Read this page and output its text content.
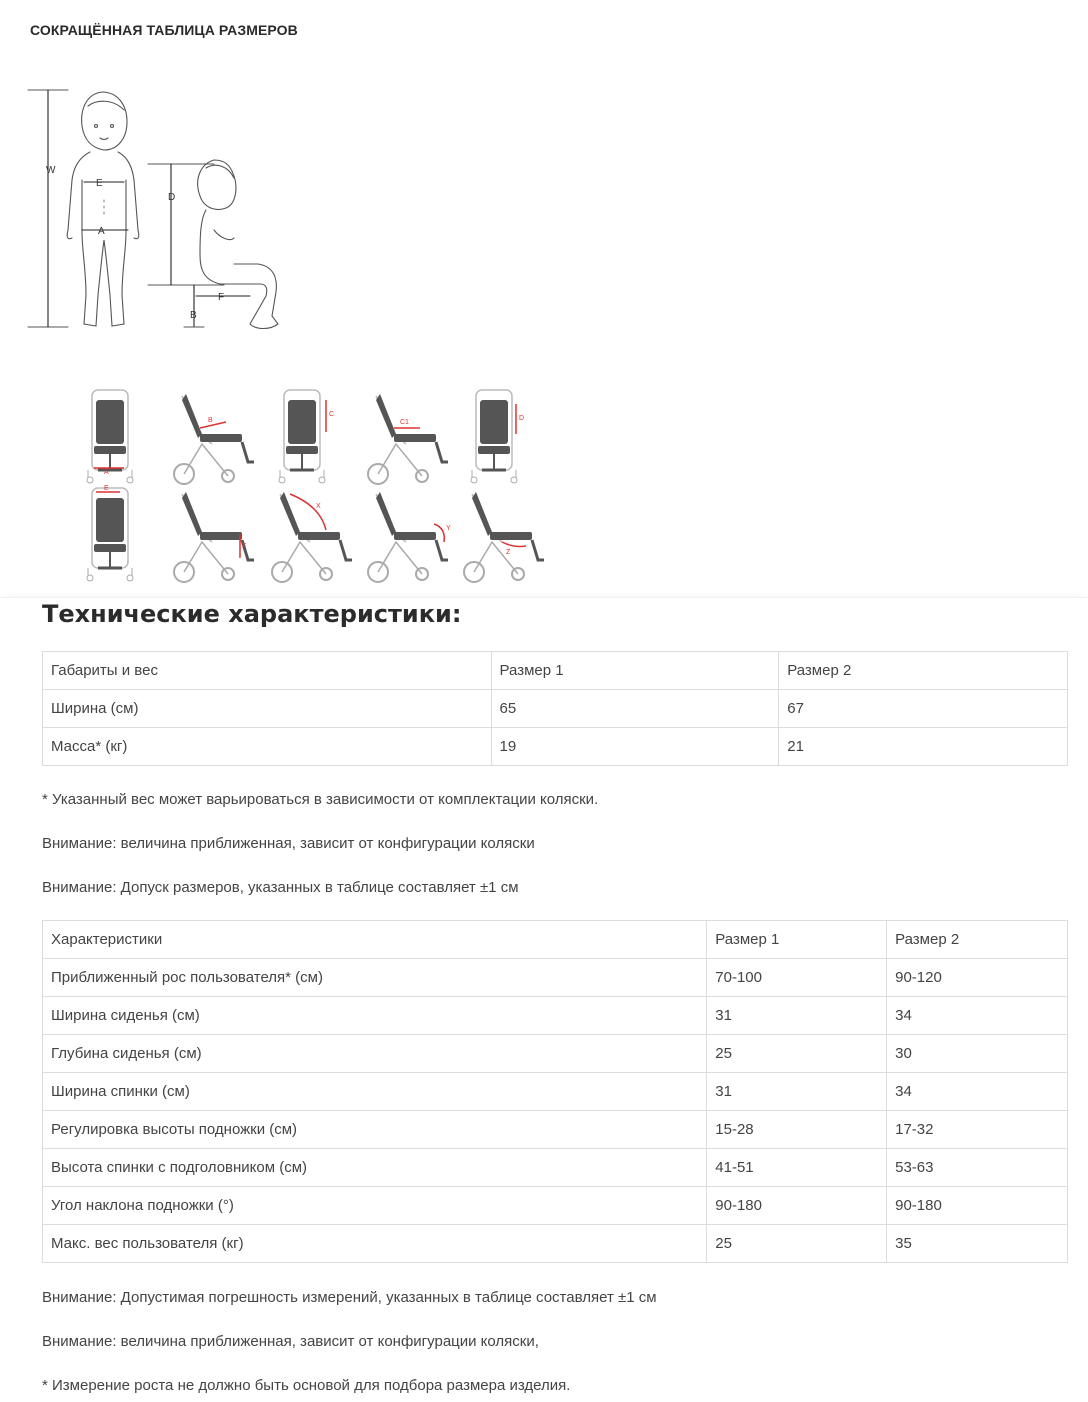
СОКРАЩЁННАЯ ТАБЛИЦА РАЗМЕРОВ
W
E
A
D
F
B
A
B
C
C1
D
E
F
X
Y
Z
Технические характеристики:
Габариты и вес	Размер 1	Размер 2
Ширина (см)	65	67
Масса* (кг)	19	21

* Указанный вес может варьироваться в зависимости от комплектации коляски.

Внимание: величина приближенная, зависит от конфигурации коляски

Внимание: Допуск размеров, указанных в таблице составляет ±1 см

Характеристики	Размер 1	Размер 2
Приближенный рос пользователя* (см)	70-100	90-120
Ширина сиденья (см)	31	34
Глубина сиденья (см)	25	30
Ширина спинки (см)	31	34
Регулировка высоты подножки (см)	15-28	17-32
Высота спинки с подголовником (см)	41-51	53-63
Угол наклона подножки (°)	90-180	90-180
Макс. вес пользователя (кг)	25	35

Внимание: Допустимая погрешность измерений, указанных в таблице составляет ±1 см

Внимание: величина приближенная, зависит от конфигурации коляски,

* Измерение роста не должно быть основой для подбора размера изделия.
